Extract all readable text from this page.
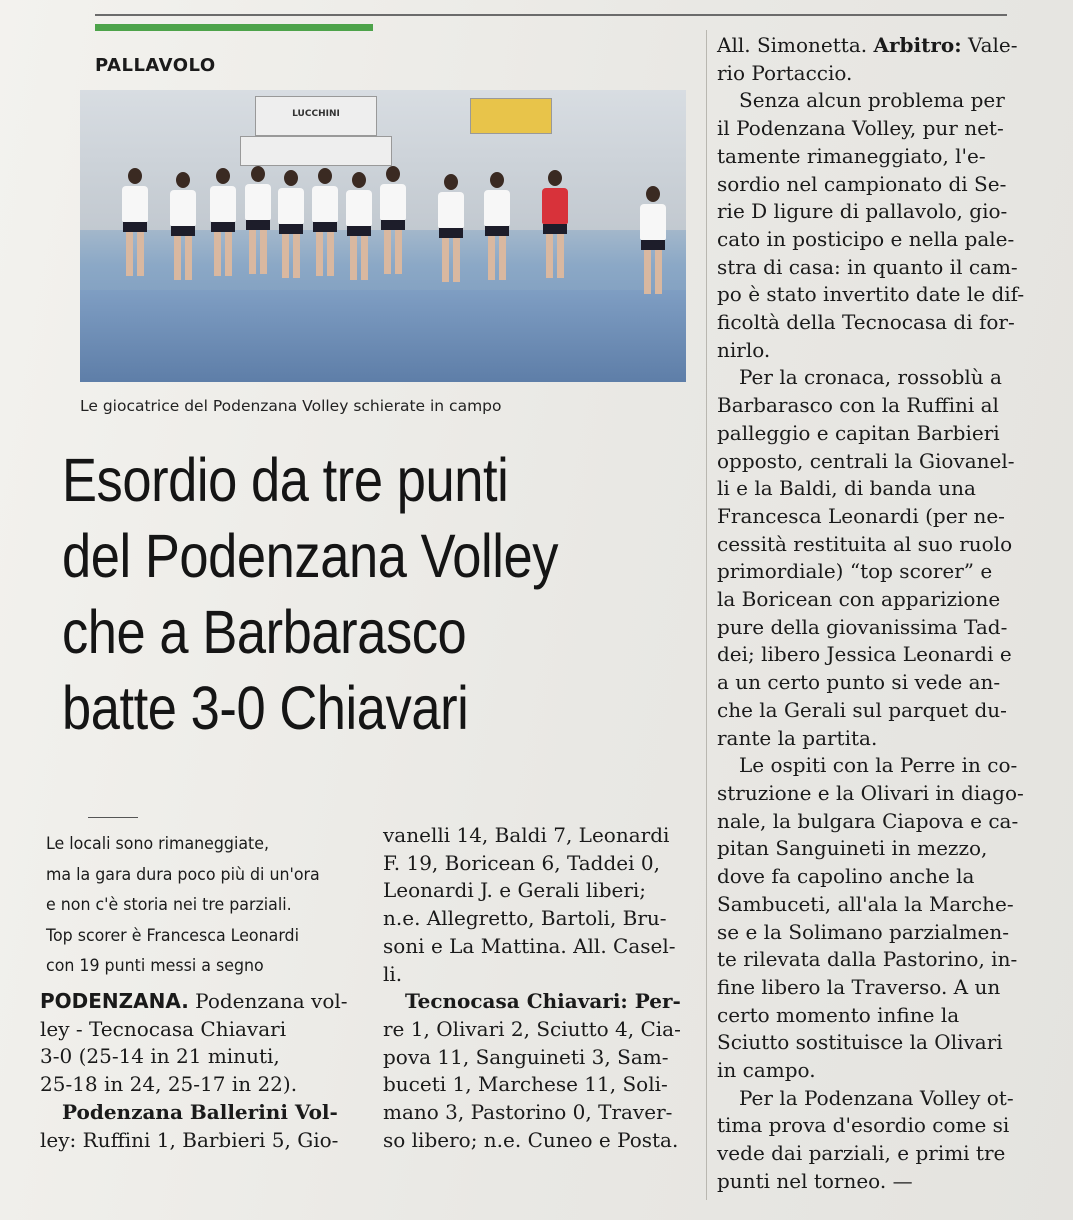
PALLAVOLO
LUCCHINI
Le giocatrice del Podenzana Volley schierate in campo
Esordio da tre punti
del Podenzana Volley
che a Barbarasco
batte 3-0 Chiavari
Le locali sono rimaneggiate,
ma la gara dura poco più di un'ora
e non c'è storia nei tre parziali.
Top scorer è Francesca Leonardi
con 19 punti messi a segno
PODENZANA. Podenzana vol-
ley - Tecnocasa Chiavari
3-0 (25-14 in 21 minuti,
25-18 in 24, 25-17 in 22).
Podenzana Ballerini Vol-
ley: Ruffini 1, Barbieri 5, Gio-
vanelli 14, Baldi 7, Leonardi
F. 19, Boricean 6, Taddei 0,
Leonardi J. e Gerali liberi;
n.e. Allegretto, Bartoli, Bru-
soni e La Mattina. All. Casel-
li.
Tecnocasa Chiavari: Per-
re 1, Olivari 2, Sciutto 4, Cia-
pova 11, Sanguineti 3, Sam-
buceti 1, Marchese 11, Soli-
mano 3, Pastorino 0, Traver-
so libero; n.e. Cuneo e Posta.
All. Simonetta. Arbitro: Vale-
rio Portaccio.
Senza alcun problema per
il Podenzana Volley, pur net-
tamente rimaneggiato, l'e-
sordio nel campionato di Se-
rie D ligure di pallavolo, gio-
cato in posticipo e nella pale-
stra di casa: in quanto il cam-
po è stato invertito date le dif-
ficoltà della Tecnocasa di for-
nirlo.
Per la cronaca, rossoblù a
Barbarasco con la Ruffini al
palleggio e capitan Barbieri
opposto, centrali la Giovanel-
li e la Baldi, di banda una
Francesca Leonardi (per ne-
cessità restituita al suo ruolo
primordiale) “top scorer” e
la Boricean con apparizione
pure della giovanissima Tad-
dei; libero Jessica Leonardi e
a un certo punto si vede an-
che la Gerali sul parquet du-
rante la partita.
Le ospiti con la Perre in co-
struzione e la Olivari in diago-
nale, la bulgara Ciapova e ca-
pitan Sanguineti in mezzo,
dove fa capolino anche la
Sambuceti, all'ala la Marche-
se e la Solimano parzialmen-
te rilevata dalla Pastorino, in-
fine libero la Traverso. A un
certo momento infine la
Sciutto sostituisce la Olivari
in campo.
Per la Podenzana Volley ot-
tima prova d'esordio come si
vede dai parziali, e primi tre
punti nel torneo. —
